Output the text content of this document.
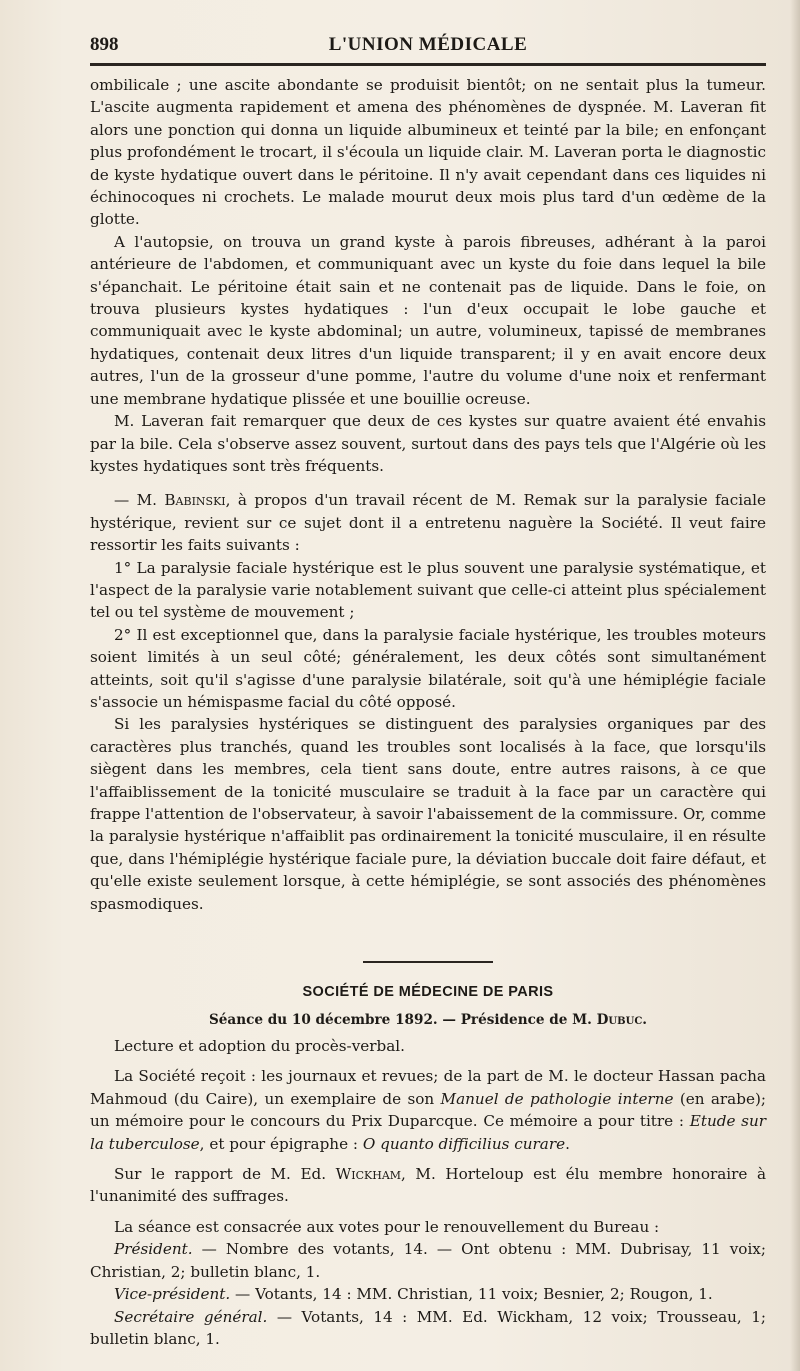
898	L'UNION MÉDICALE

ombilicale ; une ascite abondante se produisit bientôt; on ne sentait plus la tumeur. L'ascite augmenta rapidement et amena des phénomènes de dyspnée. M. Laveran fit alors une ponction qui donna un liquide albumineux et teinté par la bile; en enfonçant plus profondément le trocart, il s'écoula un liquide clair. M. Laveran porta le diagnostic de kyste hydatique ouvert dans le péritoine. Il n'y avait cependant dans ces liquides ni échinocoques ni crochets. Le malade mourut deux mois plus tard d'un œdème de la glotte.

A l'autopsie, on trouva un grand kyste à parois fibreuses, adhérant à la paroi antérieure de l'abdomen, et communiquant avec un kyste du foie dans lequel la bile s'épanchait. Le péritoine était sain et ne contenait pas de liquide. Dans le foie, on trouva plusieurs kystes hydatiques : l'un d'eux occupait le lobe gauche et communiquait avec le kyste abdominal; un autre, volumineux, tapissé de membranes hydatiques, contenait deux litres d'un liquide transparent; il y en avait encore deux autres, l'un de la grosseur d'une pomme, l'autre du volume d'une noix et renfermant une membrane hydatique plissée et une bouillie ocreuse.

M. Laveran fait remarquer que deux de ces kystes sur quatre avaient été envahis par la bile. Cela s'observe assez souvent, surtout dans des pays tels que l'Algérie où les kystes hydatiques sont très fréquents.

— M. Babinski, à propos d'un travail récent de M. Remak sur la paralysie faciale hystérique, revient sur ce sujet dont il a entretenu naguère la Société. Il veut faire ressortir les faits suivants :

1° La paralysie faciale hystérique est le plus souvent une paralysie systématique, et l'aspect de la paralysie varie notablement suivant que celle-ci atteint plus spécialement tel ou tel système de mouvement ;

2° Il est exceptionnel que, dans la paralysie faciale hystérique, les troubles moteurs soient limités à un seul côté; généralement, les deux côtés sont simultanément atteints, soit qu'il s'agisse d'une paralysie bilatérale, soit qu'à une hémiplégie faciale s'associe un hémispasme facial du côté opposé.

Si les paralysies hystériques se distinguent des paralysies organiques par des caractères plus tranchés, quand les troubles sont localisés à la face, que lorsqu'ils siègent dans les membres, cela tient sans doute, entre autres raisons, à ce que l'affaiblissement de la tonicité musculaire se traduit à la face par un caractère qui frappe l'attention de l'observateur, à savoir l'abaissement de la commissure. Or, comme la paralysie hystérique n'affaiblit pas ordinairement la tonicité musculaire, il en résulte que, dans l'hémiplégie hystérique faciale pure, la déviation buccale doit faire défaut, et qu'elle existe seulement lorsque, à cette hémiplégie, se sont associés des phénomènes spasmodiques.

SOCIÉTÉ DE MÉDECINE DE PARIS
Séance du 10 décembre 1892. — Présidence de M. Dubuc.

Lecture et adoption du procès-verbal.

La Société reçoit : les journaux et revues; de la part de M. le docteur Hassan pacha Mahmoud (du Caire), un exemplaire de son Manuel de pathologie interne (en arabe); un mémoire pour le concours du Prix Duparcque. Ce mémoire a pour titre : Etude sur la tuberculose, et pour épigraphe : O quanto difficilius curare.

Sur le rapport de M. Ed. Wickham, M. Horteloup est élu membre honoraire à l'unanimité des suffrages.

La séance est consacrée aux votes pour le renouvellement du Bureau :

Président. — Nombre des votants, 14. — Ont obtenu : MM. Dubrisay, 11 voix; Christian, 2; bulletin blanc, 1.

Vice-président. — Votants, 14 : MM. Christian, 11 voix; Besnier, 2; Rougon, 1.

Secrétaire général. — Votants, 14 : MM. Ed. Wickham, 12 voix; Trousseau, 1; bulletin blanc, 1.
